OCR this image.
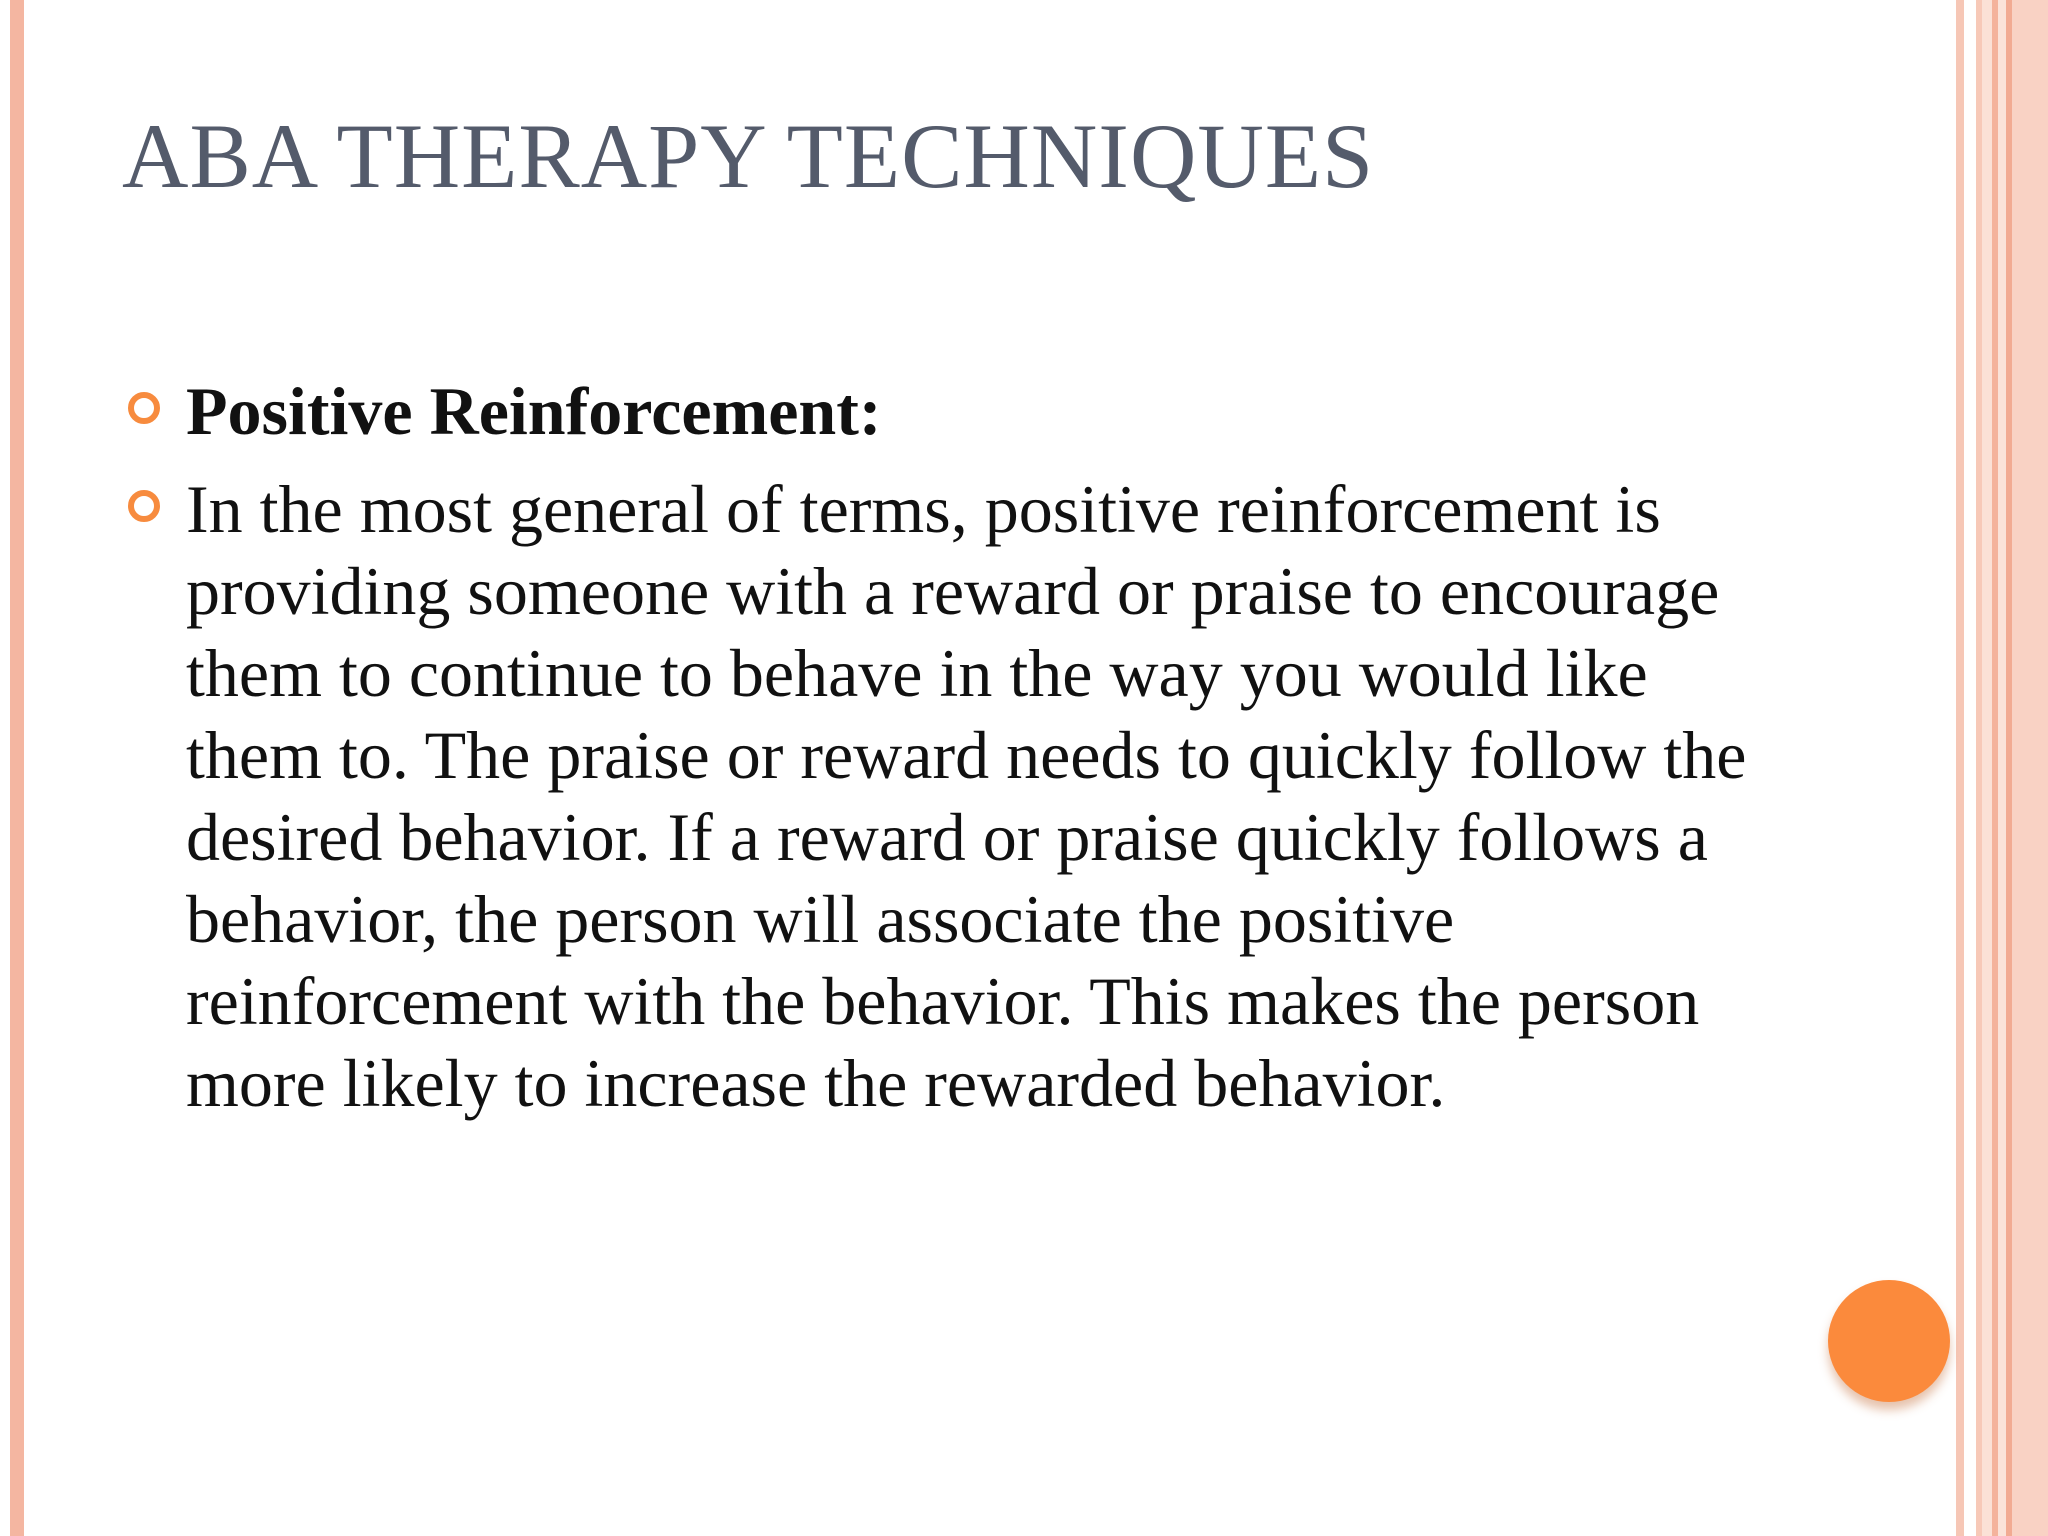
ABA THERAPY TECHNIQUES
Positive Reinforcement:
In the most general of terms, positive reinforcement is providing someone with a reward or praise to encourage them to continue to behave in the way you would like them to. The praise or reward needs to quickly follow the desired behavior. If a reward or praise quickly follows a behavior, the person will associate the positive reinforcement with the behavior. This makes the person more likely to increase the rewarded behavior.
